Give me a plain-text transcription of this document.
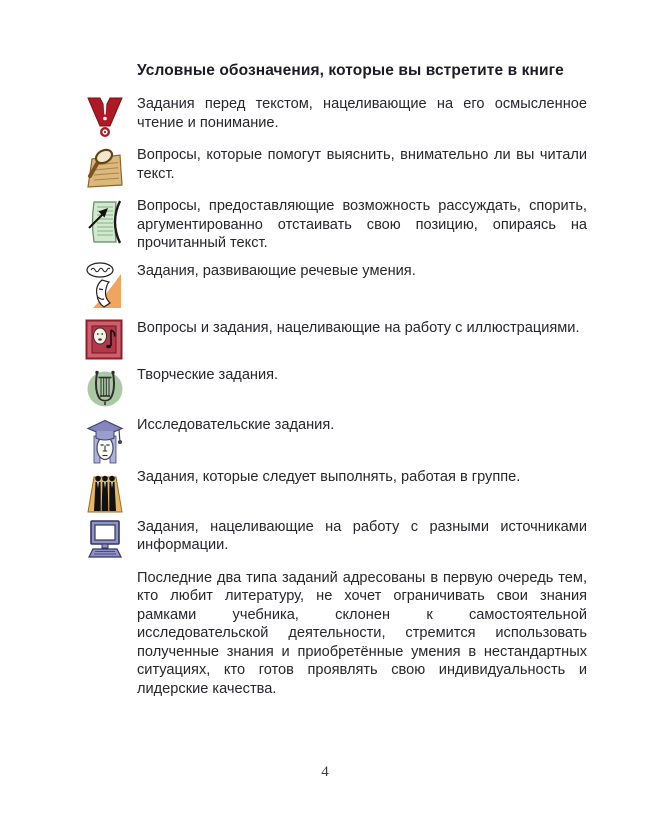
Условные обозначения, которые вы встретите в книге

Задания перед текстом, нацеливающие на его осмысленное чтение и понимание.

Вопросы, которые помогут выяснить, внимательно ли вы читали текст.

Вопросы, предоставляющие возможность рассуждать, спорить, аргументированно отстаивать свою позицию, опираясь на прочитанный текст.

Задания, развивающие речевые умения.

Вопросы и задания, нацеливающие на работу с иллюстрациями.

Творческие задания.

Исследовательские задания.

Задания, которые следует выполнять, работая в группе.

Задания, нацеливающие на работу с разными источниками информации.

Последние два типа заданий адресованы в первую очередь тем, кто любит литературу, не хочет ограничивать свои знания рамками учебника, склонен к самостоятельной исследовательской деятельности, стремится использовать полученные знания и приобретённые умения в нестандартных ситуациях, кто готов проявлять свою индивидуальность и лидерские качества.

4
